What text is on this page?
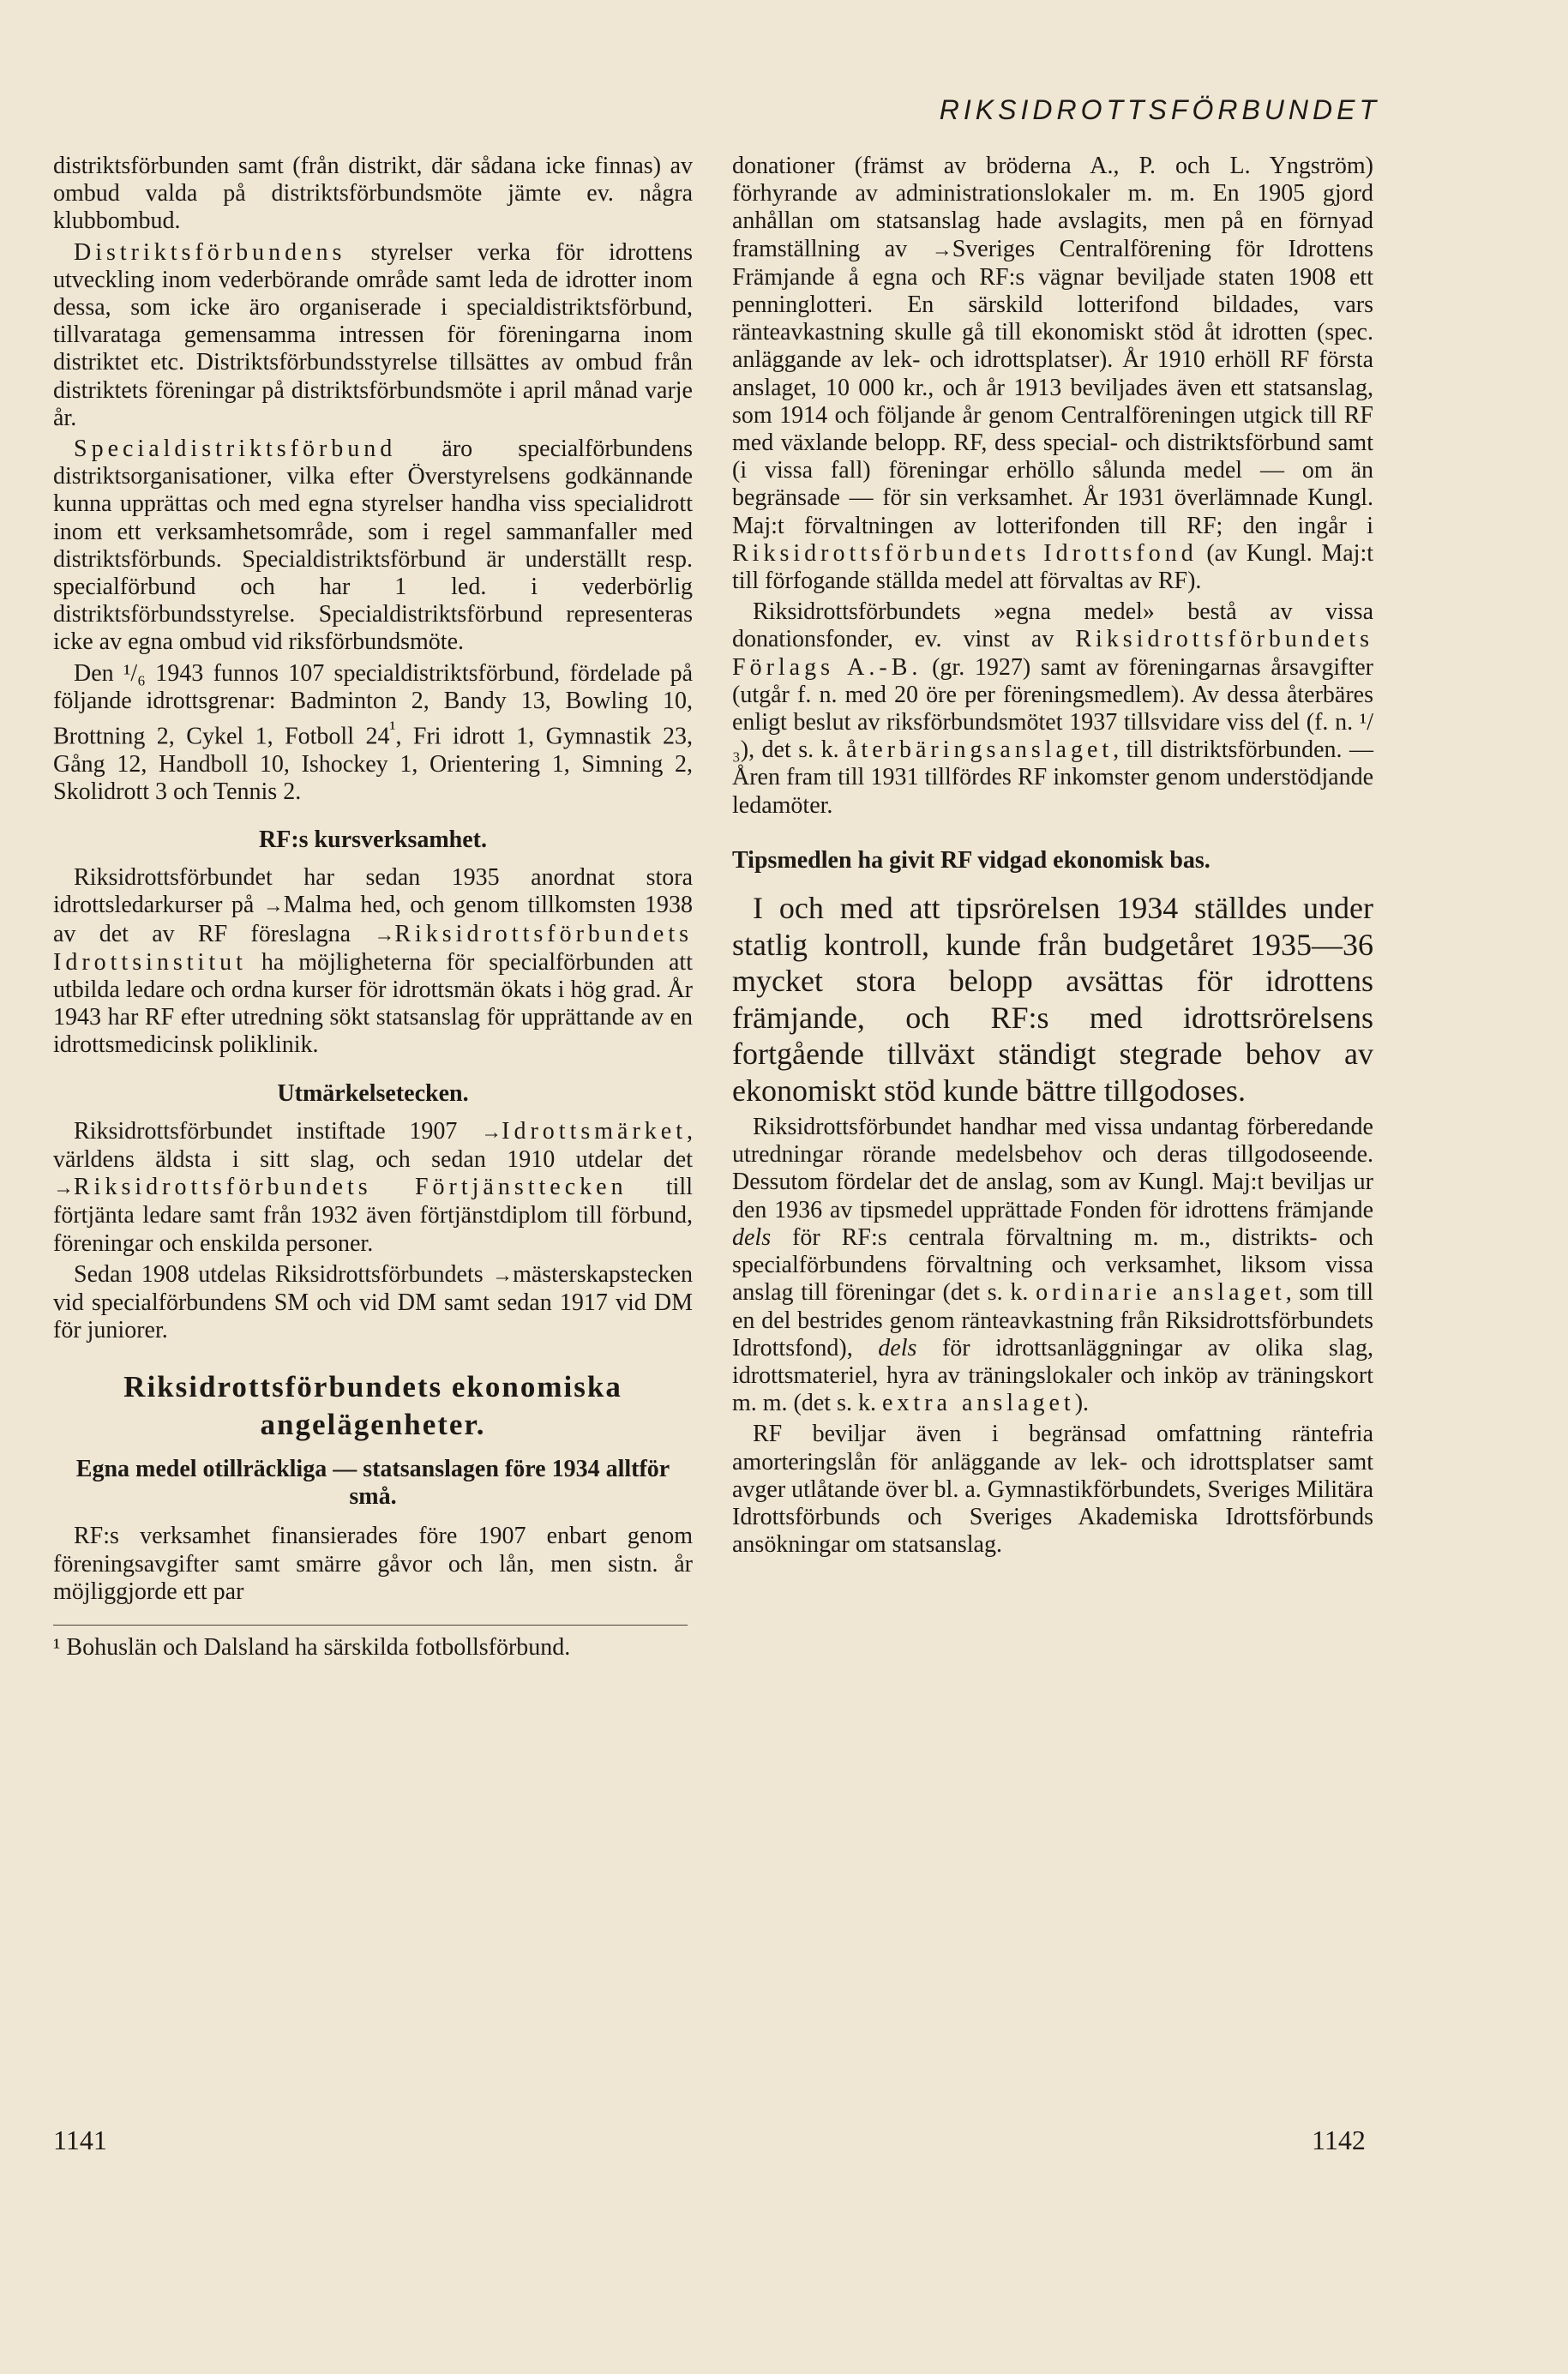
RIKSIDROTTSFÖRBUNDET

distriktsförbunden samt (från distrikt, där sådana icke finnas) av ombud valda på distriktsförbundsmöte jämte ev. några klubbombud.

Distriktsförbundens styrelser verka för idrottens utveckling inom vederbörande område samt leda de idrotter inom dessa, som icke äro organiserade i specialdistriktsförbund, tillvarataga gemensamma intressen för föreningarna inom distriktet etc. Distriktsförbundsstyrelse tillsättes av ombud från distriktets föreningar på distriktsförbundsmöte i april månad varje år.

Specialdistriktsförbund äro specialförbundens distriktsorganisationer, vilka efter Överstyrelsens godkännande kunna upprättas och med egna styrelser handha viss specialidrott inom ett verksamhetsområde, som i regel sammanfaller med distriktsförbunds. Specialdistriktsförbund är underställt resp. specialförbund och har 1 led. i vederbörlig distriktsförbundsstyrelse. Specialdistriktsförbund representeras icke av egna ombud vid riksförbundsmöte.

Den ¹/₆ 1943 funnos 107 specialdistriktsförbund, fördelade på följande idrottsgrenar: Badminton 2, Bandy 13, Bowling 10, Brottning 2, Cykel 1, Fotboll $24^{^1}$, Fri idrott 1, Gymnastik 23, Gång 12, Handboll 10, Ishockey 1, Orientering 1, Simning 2, Skolidrott 3 och Tennis 2.

RF:s kursverksamhet.

Riksidrottsförbundet har sedan 1935 anordnat stora idrottsledarkurser på →Malma hed, och genom tillkomsten 1938 av det av RF föreslagna →Riksidrottsförbundets Idrottsinstitut ha möjligheterna för specialförbunden att utbilda ledare och ordna kurser för idrottsmän ökats i hög grad. År 1943 har RF efter utredning sökt statsanslag för upprättande av en idrottsmedicinsk poliklinik.

Utmärkelsetecken.

Riksidrottsförbundet instiftade 1907 →Idrottsmärket, världens äldsta i sitt slag, och sedan 1910 utdelar det →Riksidrottsförbundets Förtjänsttecken till förtjänta ledare samt från 1932 även förtjänstdiplom till förbund, föreningar och enskilda personer.

Sedan 1908 utdelas Riksidrottsförbundets →mästerskapstecken vid specialförbundens SM och vid DM samt sedan 1917 vid DM för juniorer.

Riksidrottsförbundets ekonomiska angelägenheter.
Egna medel otillräckliga — statsanslagen före 1934 alltför små.

RF:s verksamhet finansierades före 1907 enbart genom föreningsavgifter samt smärre gåvor och lån, men sistn. år möjliggjorde ett par

¹ Bohuslän och Dalsland ha särskilda fotbollsförbund.

donationer (främst av bröderna A., P. och L. Yngström) förhyrande av administrationslokaler m. m. En 1905 gjord anhållan om statsanslag hade avslagits, men på en förnyad framställning av →Sveriges Centralförening för Idrottens Främjande å egna och RF:s vägnar beviljade staten 1908 ett penninglotteri. En särskild lotterifond bildades, vars ränteavkastning skulle gå till ekonomiskt stöd åt idrotten (spec. anläggande av lek- och idrottsplatser). År 1910 erhöll RF första anslaget, 10 000 kr., och år 1913 beviljades även ett statsanslag, som 1914 och följande år genom Centralföreningen utgick till RF med växlande belopp. RF, dess special- och distriktsförbund samt (i vissa fall) föreningar erhöllo sålunda medel — om än begränsade — för sin verksamhet. År 1931 överlämnade Kungl. Maj:t förvaltningen av lotterifonden till RF; den ingår i Riksidrottsförbundets Idrottsfond (av Kungl. Maj:t till förfogande ställda medel att förvaltas av RF).

Riksidrottsförbundets »egna medel» bestå av vissa donationsfonder, ev. vinst av Riksidrottsförbundets Förlags A.-B. (gr. 1927) samt av föreningarnas årsavgifter (utgår f. n. med 20 öre per föreningsmedlem). Av dessa återbäres enligt beslut av riksförbundsmötet 1937 tillsvidare viss del (f. n. ¹/₃), det s. k. återbäringsanslaget, till distriktsförbunden. — Åren fram till 1931 tillfördes RF inkomster genom understödjande ledamöter.

Tipsmedlen ha givit RF vidgad ekonomisk bas.

I och med att tipsrörelsen 1934 ställdes under statlig kontroll, kunde från budgetåret 1935—36 mycket stora belopp avsättas för idrottens främjande, och RF:s med idrottsrörelsens fortgående tillväxt ständigt stegrade behov av ekonomiskt stöd kunde bättre tillgodoses.

Riksidrottsförbundet handhar med vissa undantag förberedande utredningar rörande medelsbehov och deras tillgodoseende. Dessutom fördelar det de anslag, som av Kungl. Maj:t beviljas ur den 1936 av tipsmedel upprättade Fonden för idrottens främjande dels för RF:s centrala förvaltning m. m., distrikts- och specialförbundens förvaltning och verksamhet, liksom vissa anslag till föreningar (det s. k. ordinarie anslaget, som till en del bestrides genom ränteavkastning från Riksidrottsförbundets Idrottsfond), dels för idrottsanläggningar av olika slag, idrottsmateriel, hyra av träningslokaler och inköp av träningskort m. m. (det s. k. extra anslaget).

RF beviljar även i begränsad omfattning räntefria amorteringslån för anläggande av lek- och idrottsplatser samt avger utlåtande över bl. a. Gymnastikförbundets, Sveriges Militära Idrottsförbunds och Sveriges Akademiska Idrottsförbunds ansökningar om statsanslag.

1141	1142
